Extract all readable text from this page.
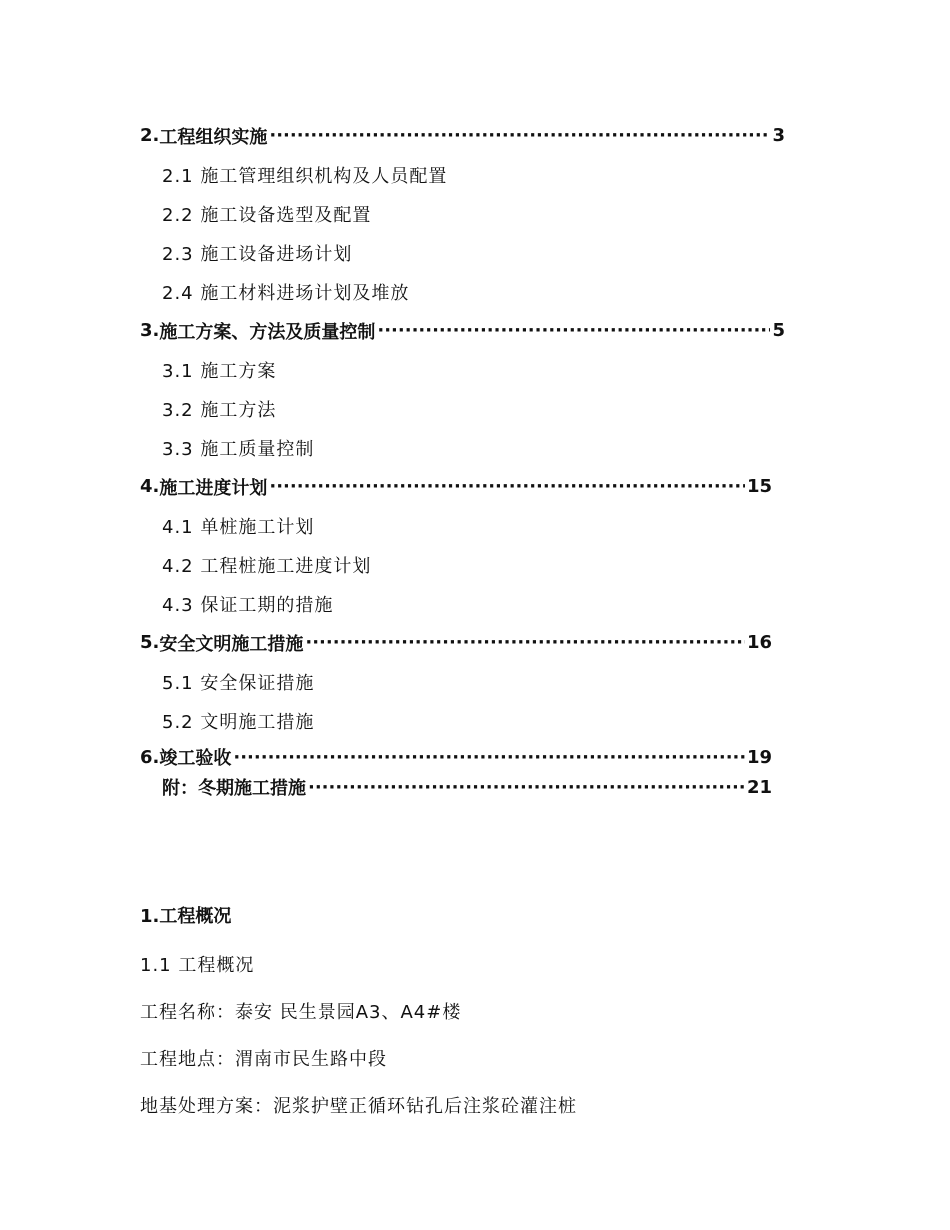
2. 工程组织实施 ·····	3
2.1 施工管理组织机构及人员配置
2.2 施工设备选型及配置
2.3 施工设备进场计划
2.4 施工材料进场计划及堆放
3. 施工方案、方法及质量控制 ·····	5
3.1 施工方案
3.2 施工方法
3.3 施工质量控制
4. 施工进度计划 ·····	15
4.1 单桩施工计划
4.2 工程桩施工进度计划
4.3 保证工期的措施
5. 安全文明施工措施 ·····	16
5.1 安全保证措施
5.2 文明施工措施
6. 竣工验收 ·····	19
附：冬期施工措施 ·····	21
1.工程概况
1.1 工程概况
工程名称：泰安 民生景园A3、A4#楼
工程地点：渭南市民生路中段
地基处理方案：泥浆护壁正循环钻孔后注浆砼灌注桩
